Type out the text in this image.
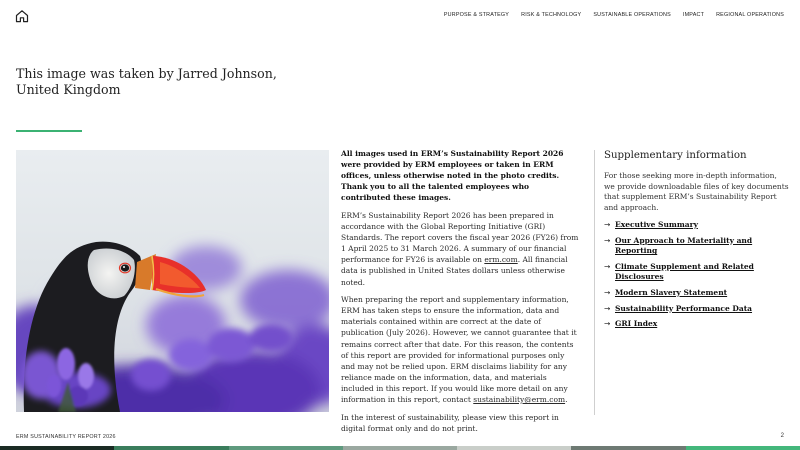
PURPOSE & STRATEGY RISK & TECHNOLOGY SUSTAINABLE OPERATIONS IMPACT REGIONAL OPERATIONS
This image was taken by Jarred Johnson,
United Kingdom

All images used in ERM’s Sustainability Report 2026 were provided by ERM employees or taken in ERM offices, unless otherwise noted in the photo credits. Thank you to all the talented employees who contributed these images.

ERM’s Sustainability Report 2026 has been prepared in accordance with the Global Reporting Initiative (GRI) Standards. The report covers the fiscal year 2026 (FY26) from 1 April 2025 to 31 March 2026. A summary of our financial performance for FY26 is available on erm.com. All financial data is published in United States dollars unless otherwise noted.

When preparing the report and supplementary information, ERM has taken steps to ensure the information, data and materials contained within are correct at the date of publication (July 2026). However, we cannot guarantee that it remains correct after that date. For this reason, the contents of this report are provided for informational purposes only and may not be relied upon. ERM disclaims liability for any reliance made on the information, data, and materials included in this report. If you would like more detail on any information in this report, contact sustainability@erm.com.

In the interest of sustainability, please view this report in digital format only and do not print.

Supplementary information

For those seeking more in-depth information, we provide downloadable files of key documents that supplement ERM’s Sustainability Report and approach.

→ Executive Summary
→ Our Approach to Materiality and Reporting
→ Climate Supplement and Related Disclosures
→ Modern Slavery Statement
→ Sustainability Performance Data
→ GRI Index
ERM SUSTAINABILITY REPORT 2026	2
